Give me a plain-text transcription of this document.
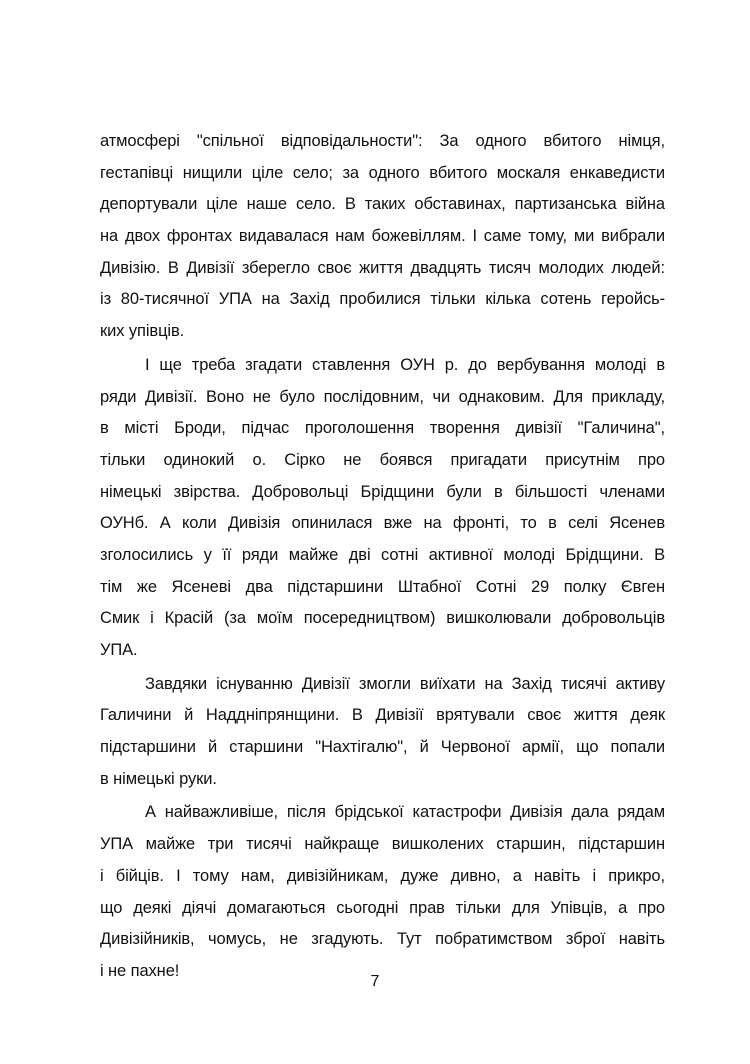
атмосфері "спільної відповідальности": За одного вбитого німця,
гестапівці нищили ціле село; за одного вбитого москаля енкаведисти
депортували ціле наше село. В таких обставинах, партизанська війна
на двох фронтах видавалася нам божевіллям. І саме тому, ми вибрали
Дивізію. В Дивізії зберегло своє життя двадцять тисяч молодих людей:
із 80-тисячної УПА на Захід пробилися тільки кілька сотень геройсь-
ких упівців.
І ще треба згадати ставлення ОУН р. до вербування молоді в
ряди Дивізії. Воно не було послідовним, чи однаковим. Для прикладу,
в місті Броди, підчас проголошення творення дивізії "Галичина",
тільки одинокий о. Сірко не боявся пригадати присутнім про
німецькі звірства. Добровольці Брідщини були в більшості членами
ОУНб. А коли Дивізія опинилася вже на фронті, то в селі Ясенев
зголосились у її ряди майже дві сотні активної молоді Брідщини. В
тім же Ясеневі два підстаршини Штабної Сотні 29 полку Євген
Смик і Красій (за моїм посередництвом) вишколювали добровольців
УПА.
Завдяки існуванню Дивізії змогли виїхати на Захід тисячі активу
Галичини й Наддніпрянщини. В Дивізії врятували своє життя деяк
підстаршини й старшини "Нахтігалю", й Червоної армії, що попали
в німецькі руки.
А найважливіше, після брідської катастрофи Дивізія дала рядам
УПА майже три тисячі найкраще вишколених старшин, підстаршин
і бійців. І тому нам, дивізійникам, дуже дивно, а навіть і прикро,
що деякі діячі домагаються сьогодні прав тільки для Упівців, а про
Дивізійників, чомусь, не згадують. Тут побратимством зброї навіть
і не пахне!
7
